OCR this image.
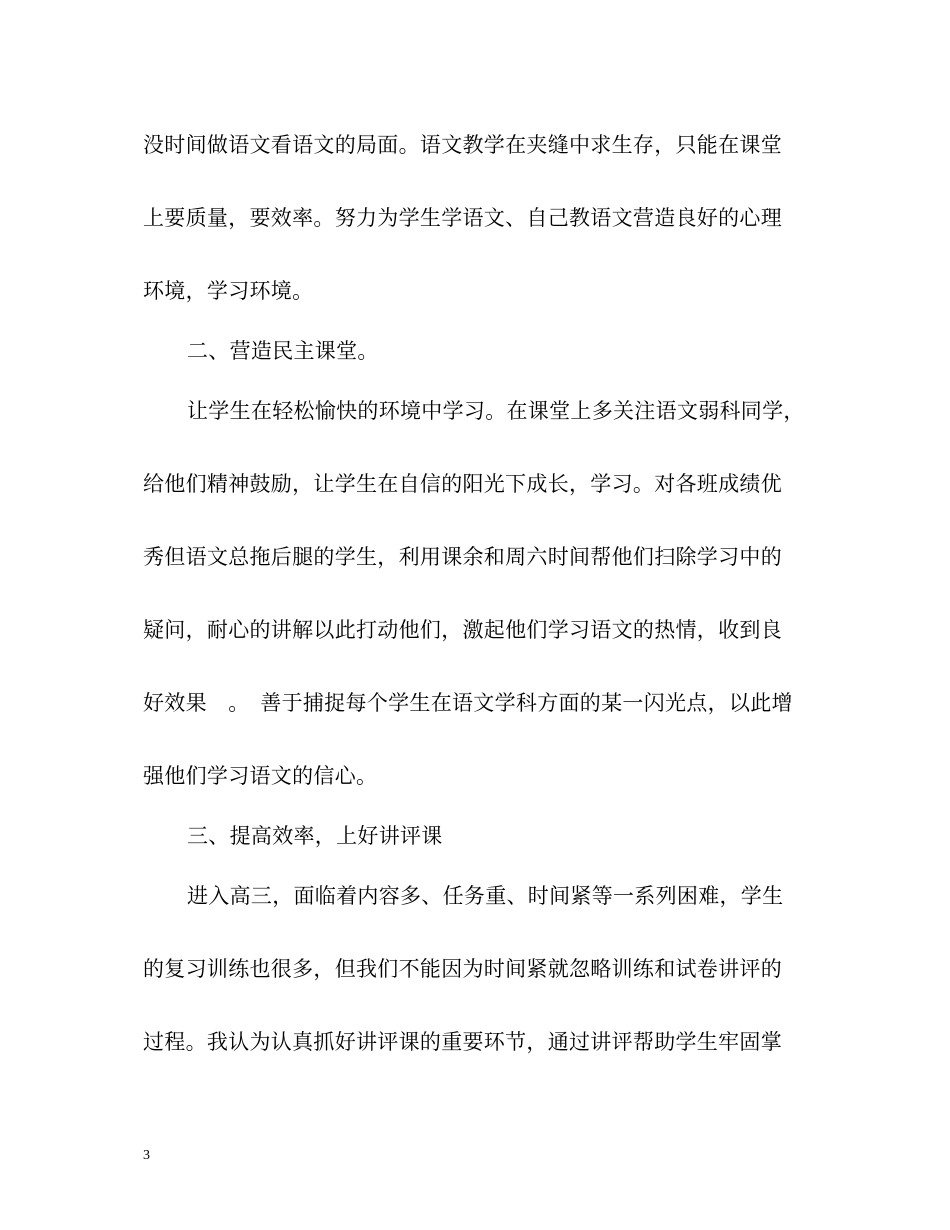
没时间做语文看语文的局面。语文教学在夹缝中求生存，只能在课堂
上要质量，要效率。努力为学生学语文、自己教语文营造良好的心理
环境，学习环境。
二、营造民主课堂。
让学生在轻松愉快的环境中学习。在课堂上多关注语文弱科同学，
给他们精神鼓励，让学生在自信的阳光下成长，学习。对各班成绩优
秀但语文总拖后腿的学生，利用课余和周六时间帮他们扫除学习中的
疑问，耐心的讲解以此打动他们，激起他们学习语文的热情，收到良
好效果　。　善于捕捉每个学生在语文学科方面的某一闪光点，以此增
强他们学习语文的信心。
三、提高效率，上好讲评课
进入高三，面临着内容多、任务重、时间紧等一系列困难，学生
的复习训练也很多，但我们不能因为时间紧就忽略训练和试卷讲评的
过程。我认为认真抓好讲评课的重要环节，通过讲评帮助学生牢固掌
3
